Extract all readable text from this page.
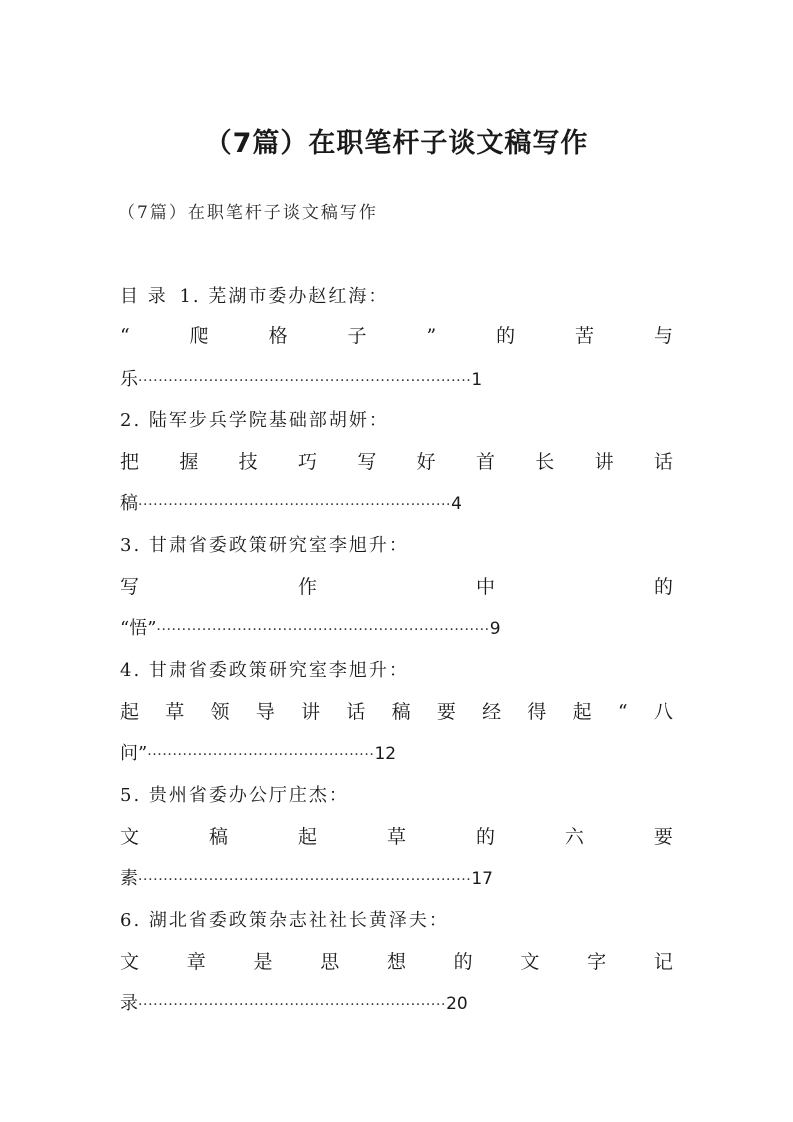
（7篇）在职笔杆子谈文稿写作
（7篇）在职笔杆子谈文稿写作
目 录 1. 芜湖市委办赵红海：
“	爬	格	子	”	的	苦	与
乐··································································1
2. 陆军步兵学院基础部胡妍：
把 握 技 巧 写 好 首 长 讲 话
稿······························································4
3. 甘肃省委政策研究室李旭升：
写	作	中	的
“悟”··································································9
4. 甘肃省委政策研究室李旭升：
起 草 领 导 讲 话 稿 要 经 得 起 “ 八
问”·············································12
5. 贵州省委办公厅庄杰：
文	稿	起	草	的	六	要
素··································································17
6. 湖北省委政策杂志社社长黄泽夫：
文	章	是	思	想	的	文	字	记
录·····························································20
